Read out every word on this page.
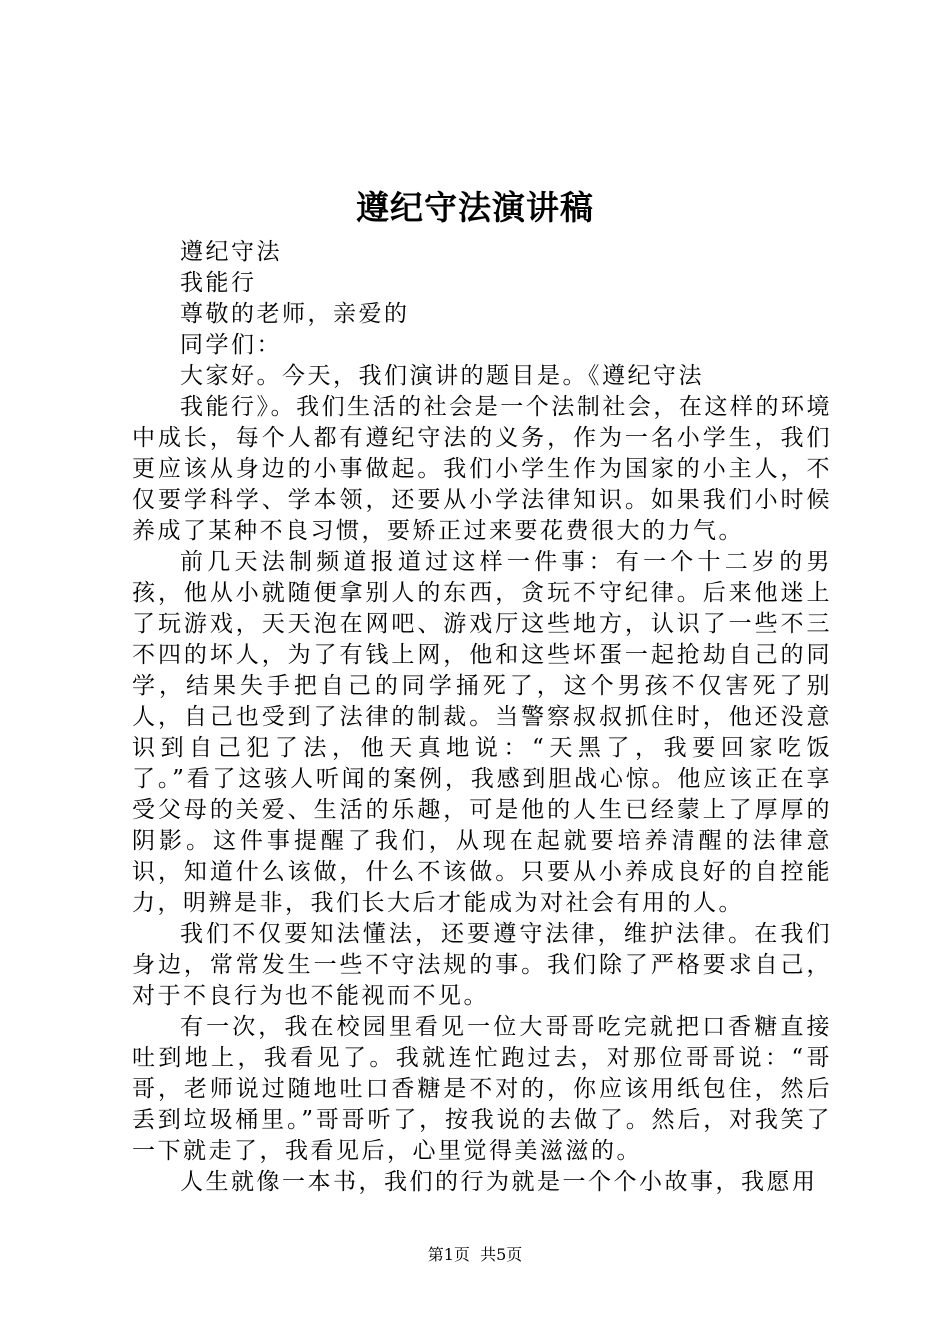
遵纪守法演讲稿

遵纪守法

我能行

尊敬的老师，亲爱的

同学们：

大家好。今天，我们演讲的题目是。《遵纪守法

我能行》。我们生活的社会是一个法制社会，在这样的环境中成长，每个人都有遵纪守法的义务，作为一名小学生，我们更应该从身边的小事做起。我们小学生作为国家的小主人，不仅要学科学、学本领，还要从小学法律知识。如果我们小时候养成了某种不良习惯，要矫正过来要花费很大的力气。

前几天法制频道报道过这样一件事：有一个十二岁的男孩，他从小就随便拿别人的东西，贪玩不守纪律。后来他迷上了玩游戏，天天泡在网吧、游戏厅这些地方，认识了一些不三不四的坏人，为了有钱上网，他和这些坏蛋一起抢劫自己的同学，结果失手把自己的同学捅死了，这个男孩不仅害死了别人，自己也受到了法律的制裁。当警察叔叔抓住时，他还没意识到自己犯了法，他天真地说：“天黑了，我要回家吃饭了。”看了这骇人听闻的案例，我感到胆战心惊。他应该正在享受父母的关爱、生活的乐趣，可是他的人生已经蒙上了厚厚的阴影。这件事提醒了我们，从现在起就要培养清醒的法律意识，知道什么该做，什么不该做。只要从小养成良好的自控能力，明辨是非，我们长大后才能成为对社会有用的人。

我们不仅要知法懂法，还要遵守法律，维护法律。在我们身边，常常发生一些不守法规的事。我们除了严格要求自己，对于不良行为也不能视而不见。

有一次，我在校园里看见一位大哥哥吃完就把口香糖直接吐到地上，我看见了。我就连忙跑过去，对那位哥哥说：“哥哥，老师说过随地吐口香糖是不对的，你应该用纸包住，然后丢到垃圾桶里。”哥哥听了，按我说的去做了。然后，对我笑了一下就走了，我看见后，心里觉得美滋滋的。

人生就像一本书，我们的行为就是一个个小故事，我愿用

第1页 共5页
